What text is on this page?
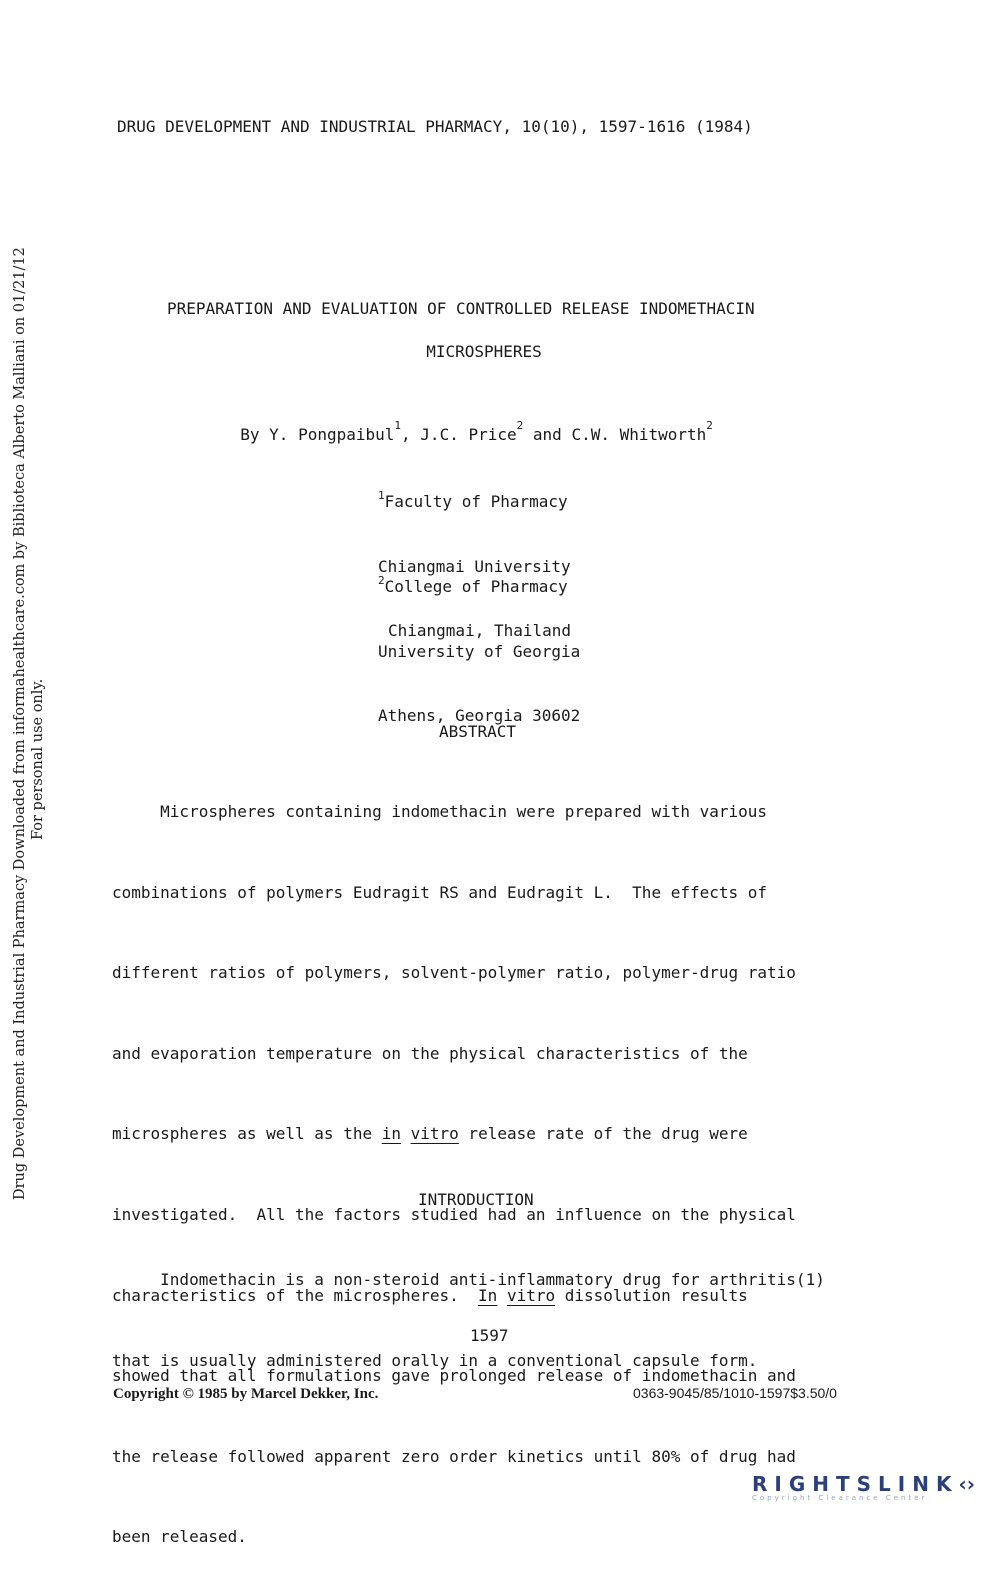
Drug Development and Industrial Pharmacy Downloaded from informahealthcare.com by Biblioteca Alberto Malliani on 01/21/12 For personal use only.
DRUG DEVELOPMENT AND INDUSTRIAL PHARMACY, 10(10), 1597-1616 (1984)
PREPARATION AND EVALUATION OF CONTROLLED RELEASE INDOMETHACIN
MICROSPHERES

By Y. Pongpaibul$^1$, J.C. Price$^2$ and C.W. Whitworth$^2$

$^1$Faculty of Pharmacy

Chiangmai University

Chiangmai, Thailand

$^2$College of Pharmacy

University of Georgia

Athens, Georgia 30602

ABSTRACT

Microspheres containing indomethacin were prepared with various

combinations of polymers Eudragit RS and Eudragit L.  The effects of

different ratios of polymers, solvent-polymer ratio, polymer-drug ratio

and evaporation temperature on the physical characteristics of the

microspheres as well as the in vitro release rate of the drug were

investigated.  All the factors studied had an influence on the physical

characteristics of the microspheres.  In vitro dissolution results

showed that all formulations gave prolonged release of indomethacin and

the release followed apparent zero order kinetics until 80% of drug had

been released.

INTRODUCTION

Indomethacin is a non-steroid anti-inflammatory drug for arthritis(1)

that is usually administered orally in a conventional capsule form.

1597
Copyright © 1985 by Marcel Dekker, Inc.	0363-9045/85/1010-1597$3.50/0
RIGHTSLINK‹›
Copyright Clearance Center
